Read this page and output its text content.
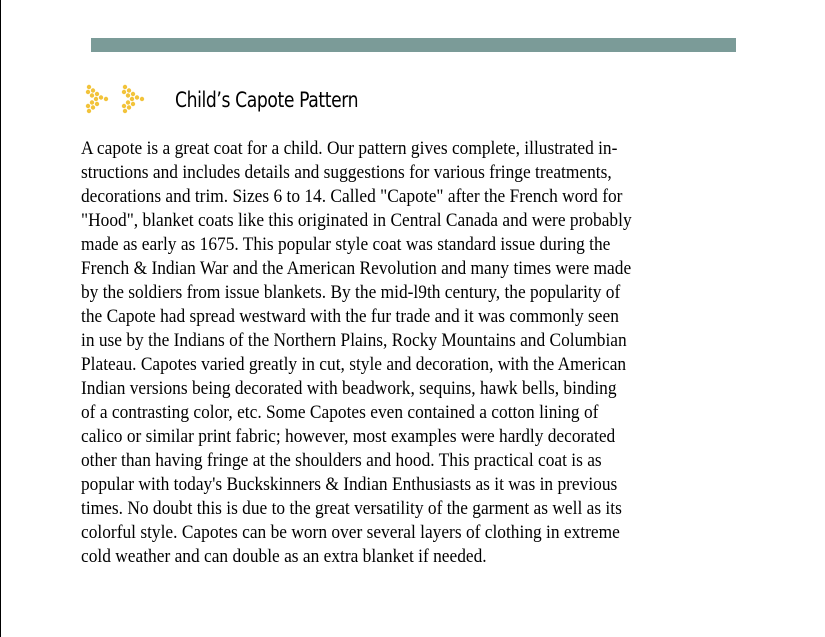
Child’s Capote Pattern
A capote is a great coat for a child. Our pattern gives complete, illustrated in-
structions and includes details and suggestions for various fringe treatments,
decorations and trim. Sizes 6 to 14. Called "Capote" after the French word for
"Hood", blanket coats like this originated in Central Canada and were probably
made as early as 1675. This popular style coat was standard issue during the
French & Indian War and the American Revolution and many times were made
by the soldiers from issue blankets. By the mid-l9th century, the popularity of
the Capote had spread westward with the fur trade and it was commonly seen
in use by the Indians of the Northern Plains, Rocky Mountains and Columbian
Plateau. Capotes varied greatly in cut, style and decoration, with the American
Indian versions being decorated with beadwork, sequins, hawk bells, binding
of a contrasting color, etc. Some Capotes even contained a cotton lining of
calico or similar print fabric; however, most examples were hardly decorated
other than having fringe at the shoulders and hood. This practical coat is as
popular with today's Buckskinners & Indian Enthusiasts as it was in previous
times. No doubt this is due to the great versatility of the garment as well as its
colorful style. Capotes can be worn over several layers of clothing in extreme
cold weather and can double as an extra blanket if needed.
